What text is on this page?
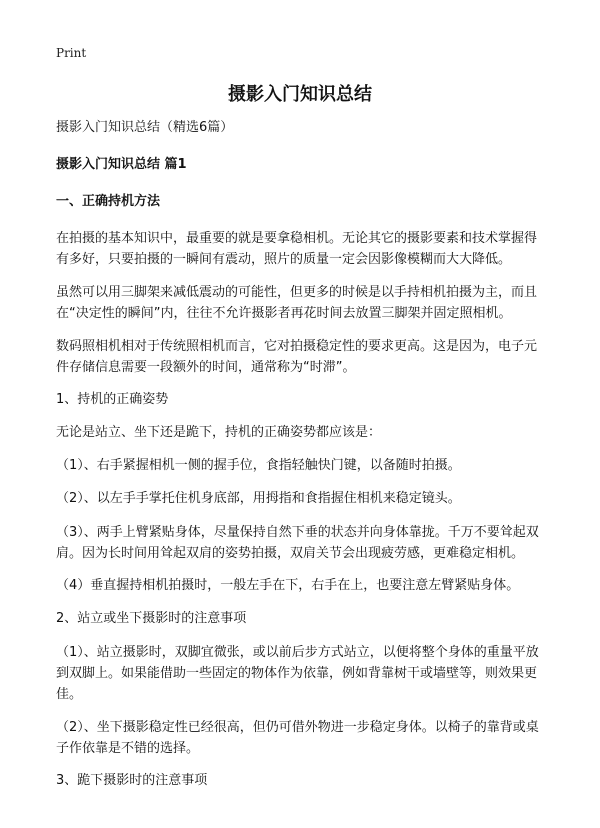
Print
摄影入门知识总结
摄影入门知识总结（精选6篇）
摄影入门知识总结 篇1
一、正确持机方法

在拍摄的基本知识中，最重要的就是要拿稳相机。无论其它的摄影要素和技术掌握得有多好，只要拍摄的一瞬间有震动，照片的质量一定会因影像模糊而大大降低。

虽然可以用三脚架来减低震动的可能性，但更多的时候是以手持相机拍摄为主，而且在“决定性的瞬间”内，往往不允许摄影者再花时间去放置三脚架并固定照相机。

数码照相机相对于传统照相机而言，它对拍摄稳定性的要求更高。这是因为，电子元件存储信息需要一段额外的时间，通常称为“时滞”。

1、持机的正确姿势

无论是站立、坐下还是跪下，持机的正确姿势都应该是：

（1）、右手紧握相机一侧的握手位，食指轻触快门键，以备随时拍摄。

（2）、以左手手掌托住机身底部，用拇指和食指握住相机来稳定镜头。

（3）、两手上臂紧贴身体，尽量保持自然下垂的状态并向身体靠拢。千万不要耸起双肩。因为长时间用耸起双肩的姿势拍摄，双肩关节会出现疲劳感，更难稳定相机。

（4）垂直握持相机拍摄时，一般左手在下，右手在上，也要注意左臂紧贴身体。

2、站立或坐下摄影时的注意事项

（1）、站立摄影时，双脚宜微张，或以前后步方式站立，以便将整个身体的重量平放到双脚上。如果能借助一些固定的物体作为依靠，例如背靠树干或墙壁等，则效果更佳。

（2）、坐下摄影稳定性已经很高，但仍可借外物进一步稳定身体。以椅子的靠背或桌子作依靠是不错的选择。

3、跪下摄影时的注意事项
